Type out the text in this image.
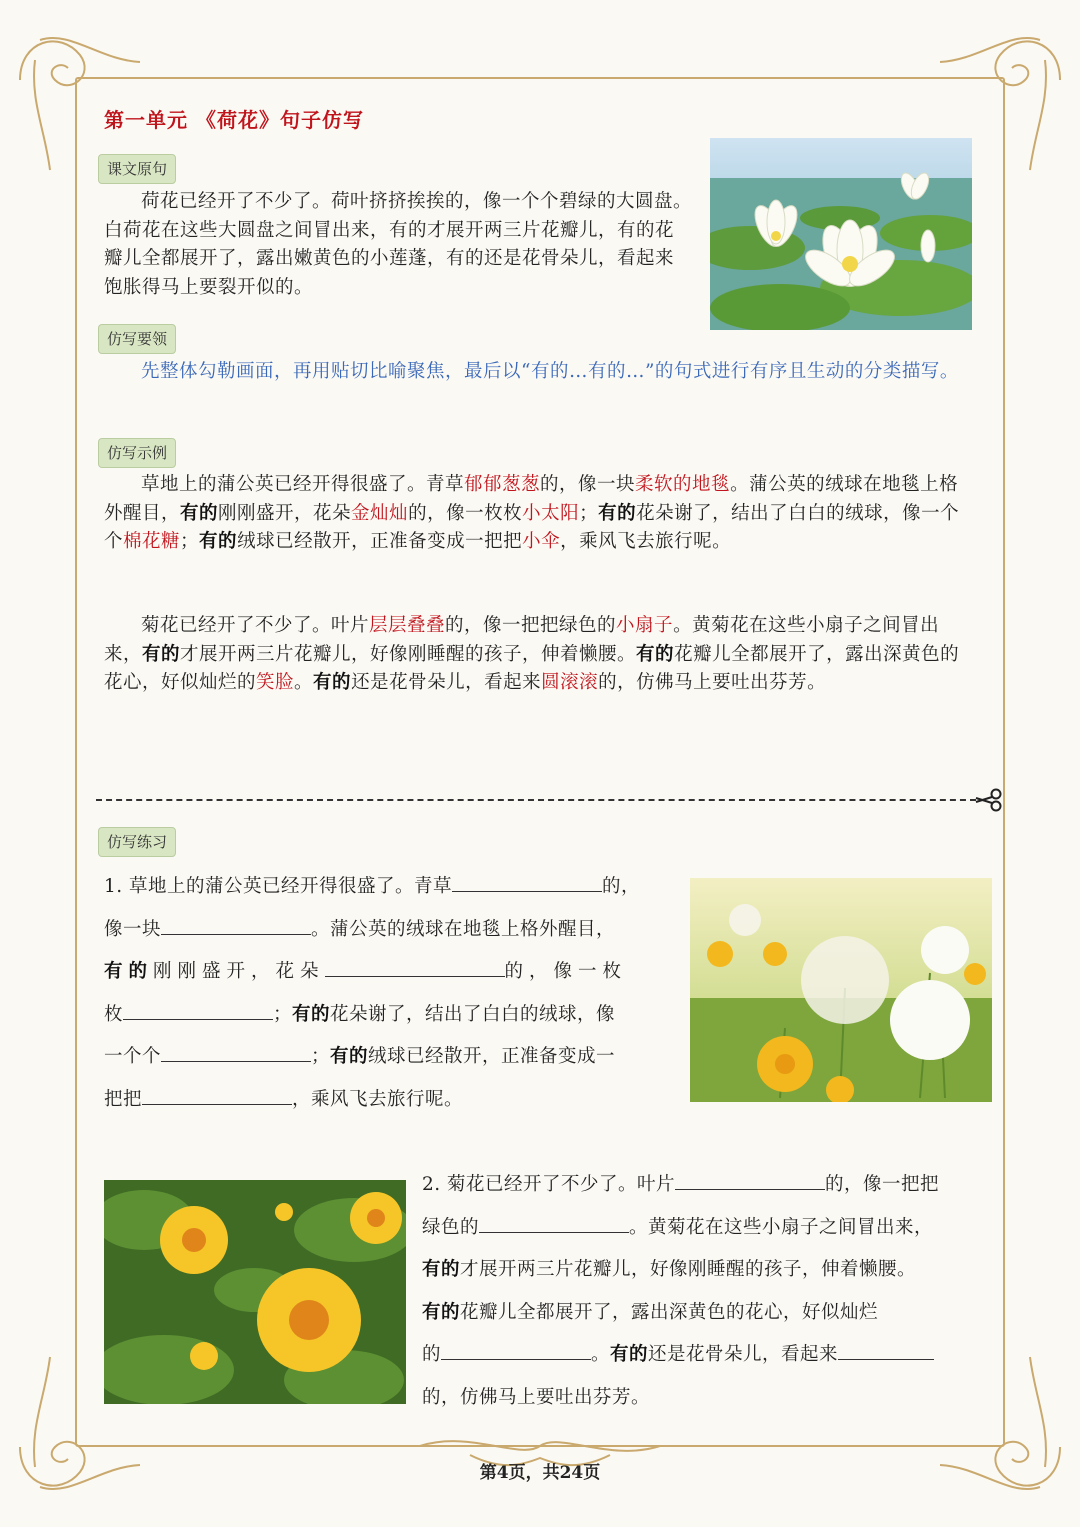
第一单元 《荷花》句子仿写
课文原句
荷花已经开了不少了。荷叶挤挤挨挨的，像一个个碧绿的大圆盘。白荷花在这些大圆盘之间冒出来，有的才展开两三片花瓣儿，有的花瓣儿全都展开了，露出嫩黄色的小莲蓬，有的还是花骨朵儿，看起来饱胀得马上要裂开似的。
仿写要领
先整体勾勒画面，再用贴切比喻聚焦，最后以“有的…有的…”的句式进行有序且生动的分类描写。
仿写示例
草地上的蒲公英已经开得很盛了。青草郁郁葱葱的，像一块柔软的地毯。蒲公英的绒球在地毯上格外醒目，有的刚刚盛开，花朵金灿灿的，像一枚枚小太阳；有的花朵谢了，结出了白白的绒球，像一个个棉花糖；有的绒球已经散开，正准备变成一把把小伞，乘风飞去旅行呢。
菊花已经开了不少了。叶片层层叠叠的，像一把把绿色的小扇子。黄菊花在这些小扇子之间冒出来，有的才展开两三片花瓣儿，好像刚睡醒的孩子，伸着懒腰。有的花瓣儿全都展开了，露出深黄色的花心，好似灿烂的笑脸。有的还是花骨朵儿，看起来圆滚滚的，仿佛马上要吐出芬芳。
仿写练习
1. 草地上的蒲公英已经开得很盛了。青草	的，
像一块	。蒲公英的绒球在地毯上格外醒目，
有的刚刚盛开，花朵	的，像一枚
枚	；有的花朵谢了，结出了白白的绒球，像
一个个	；有的绒球已经散开，正准备变成一
把把	，乘风飞去旅行呢。
2. 菊花已经开了不少了。叶片	的，像一把把
绿色的	。黄菊花在这些小扇子之间冒出来，
有的才展开两三片花瓣儿，好像刚睡醒的孩子，伸着懒腰。
有的花瓣儿全都展开了，露出深黄色的花心，好似灿烂
的	。有的还是花骨朵儿，看起来
的，仿佛马上要吐出芬芳。
第4页，共24页
